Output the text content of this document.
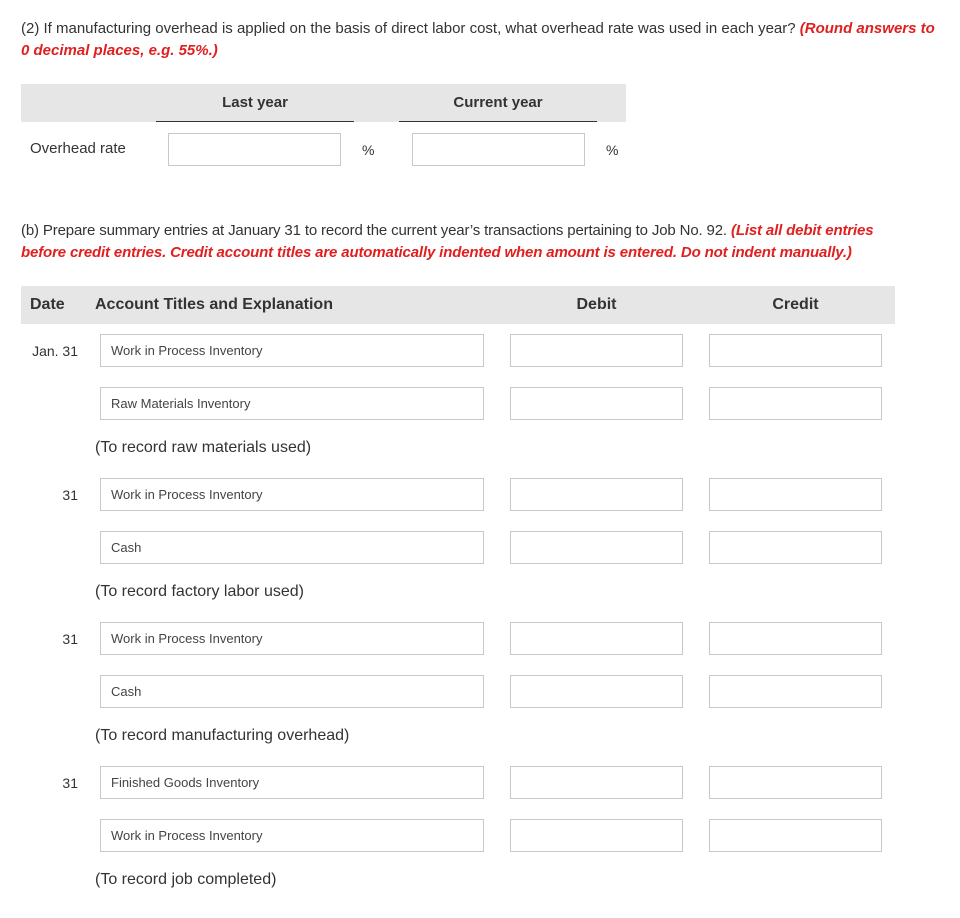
(2) If manufacturing overhead is applied on the basis of direct labor cost, what overhead rate was used in each year? (Round answers to
0 decimal places, e.g. 55%.)
Last year	Current year
Overhead rate	%	%
(b) Prepare summary entries at January 31 to record the current year’s transactions pertaining to Job No. 92. (List all debit entries
before credit entries. Credit account titles are automatically indented when amount is entered. Do not indent manually.)
Date Account Titles and Explanation	Debit	Credit
Jan. 31	Work in Process Inventory
Raw Materials Inventory
(To record raw materials used)
31	Work in Process Inventory
Cash
(To record factory labor used)
31	Work in Process Inventory
Cash
(To record manufacturing overhead)
31	Finished Goods Inventory
Work in Process Inventory
(To record job completed)
